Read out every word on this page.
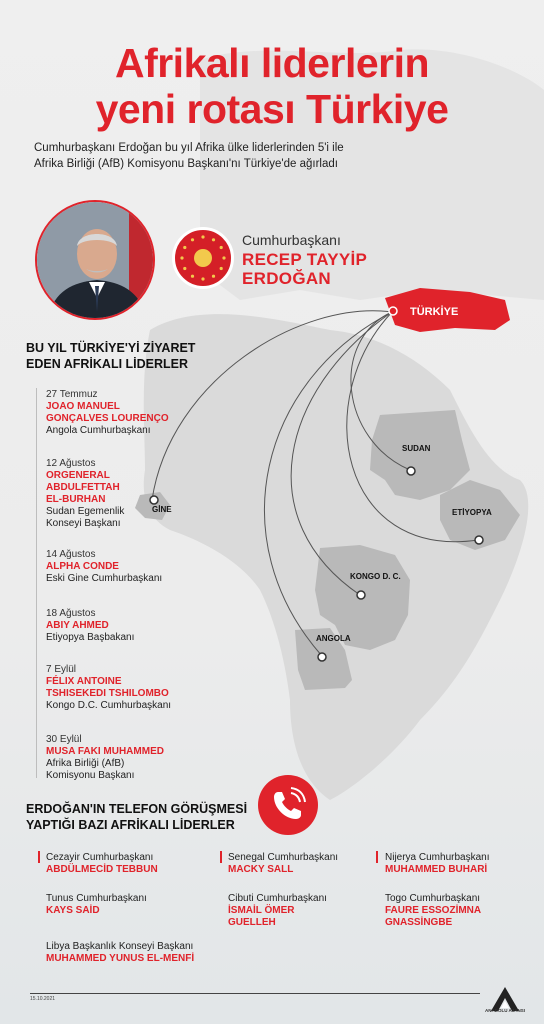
Afrikalı liderlerin
yeni rotası Türkiye
Cumhurbaşkanı Erdoğan bu yıl Afrika ülke liderlerinden 5'i ile
Afrika Birliği (AfB) Komisyonu Başkanı'nı Türkiye'de ağırladı
Cumhurbaşkanı
RECEP TAYYİP
ERDOĞAN
TÜRKİYE
SUDAN
GİNE	ETİYOPYA
KONGO D. C.
ANGOLA
BU YIL TÜRKİYE'Yİ ZİYARET
EDEN AFRİKALI LİDERLER
27 Temmuz
JOAO MANUEL
GONÇALVES LOURENÇO
Angola Cumhurbaşkanı
12 Ağustos
ORGENERAL
ABDULFETTAH
EL-BURHAN
Sudan Egemenlik
Konseyi Başkanı
14 Ağustos
ALPHA CONDE
Eski Gine Cumhurbaşkanı
18 Ağustos
ABIY AHMED
Etiyopya Başbakanı
7 Eylül
FÉLIX ANTOINE
TSHISEKEDI TSHILOMBO
Kongo D.C. Cumhurbaşkanı
30 Eylül
MUSA FAKI MUHAMMED
Afrika Birliği (AfB)
Komisyonu Başkanı
ERDOĞAN'IN TELEFON GÖRÜŞMESİ
YAPTIĞI BAZI AFRİKALI LİDERLER
Cezayir Cumhurbaşkanı
ABDÜLMECİD TEBBUN
Senegal Cumhurbaşkanı
MACKY SALL
Nijerya Cumhurbaşkanı
MUHAMMED BUHARİ
Tunus Cumhurbaşkanı
KAYS SAİD
Cibuti Cumhurbaşkanı
İSMAİL ÖMER
GUELLEH
Togo Cumhurbaşkanı
FAURE ESSOZİMNA
GNASSİNGBE
Libya Başkanlık Konseyi Başkanı
MUHAMMED YUNUS EL-MENFİ
15.10.2021
ANADOLU AJANSI
